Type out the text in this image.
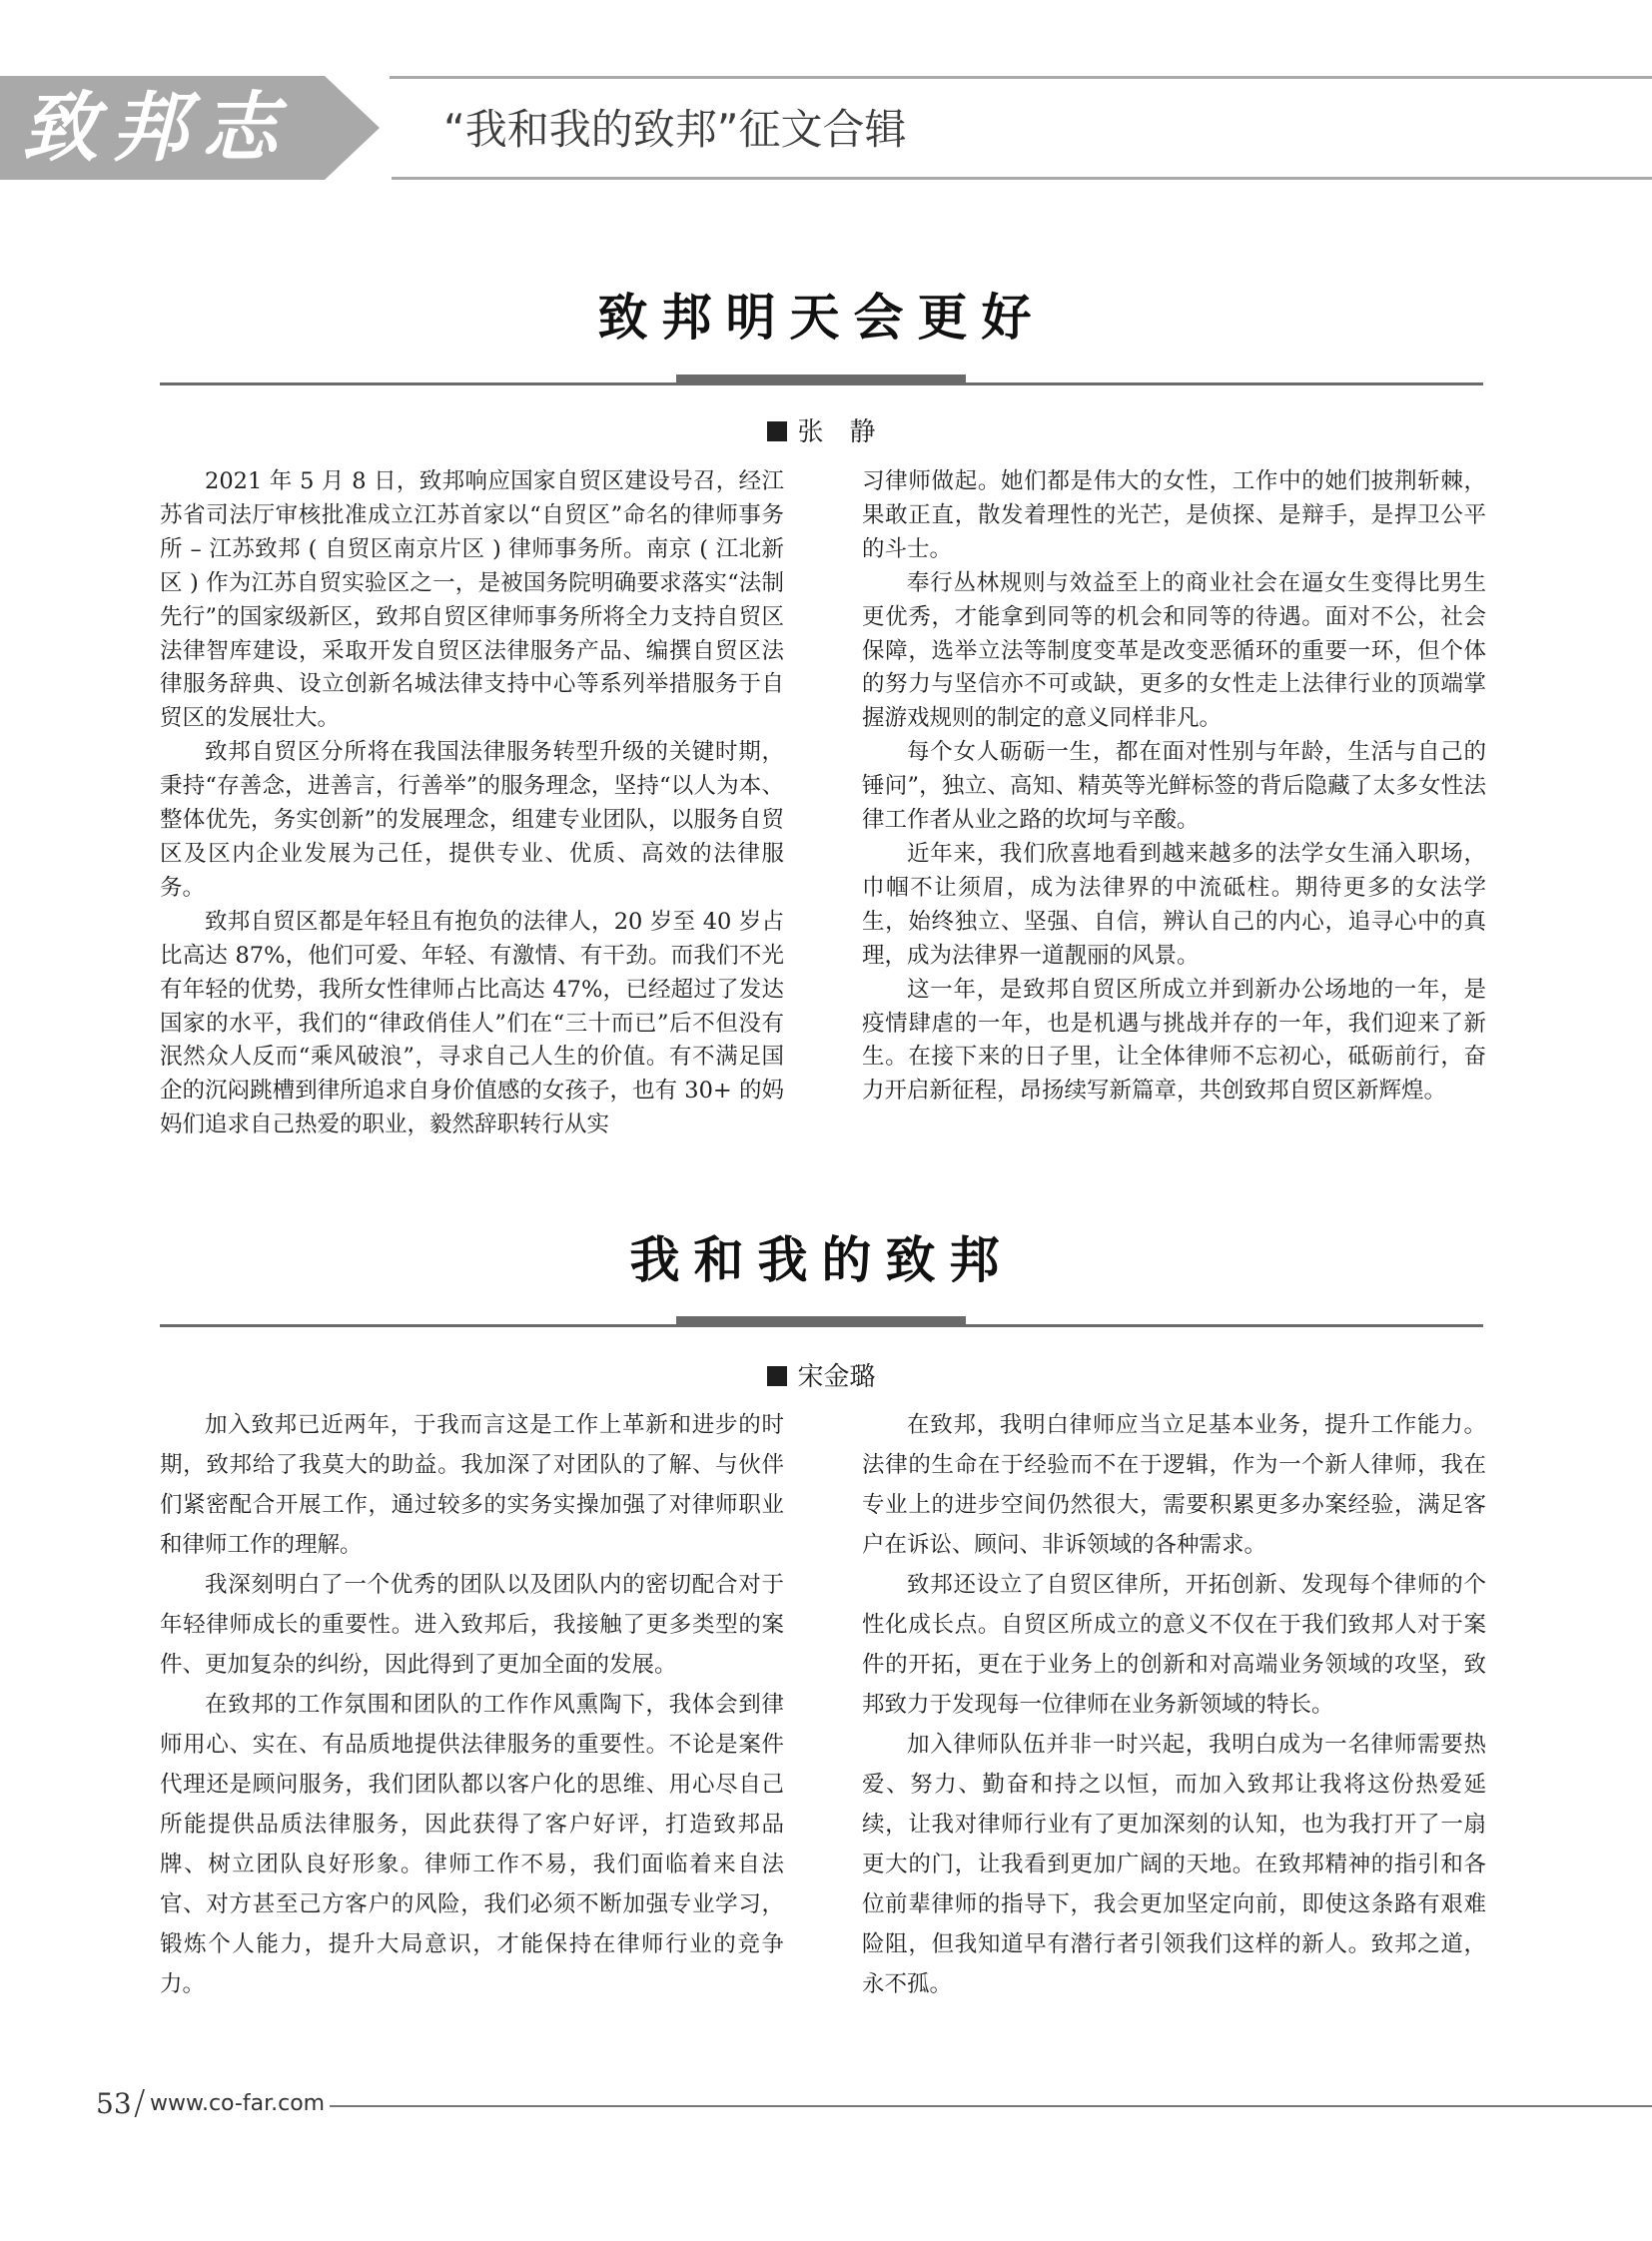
致邦志	“我和我的致邦”征文合辑
致邦明天会更好
张　静

2021 年 5 月 8 日，致邦响应国家自贸区建设号召，经江苏省司法厅审核批准成立江苏首家以“自贸区”命名的律师事务所 – 江苏致邦 ( 自贸区南京片区 ) 律师事务所。南京 ( 江北新区 ) 作为江苏自贸实验区之一，是被国务院明确要求落实“法制先行”的国家级新区，致邦自贸区律师事务所将全力支持自贸区法律智库建设，采取开发自贸区法律服务产品、编撰自贸区法律服务辞典、设立创新名城法律支持中心等系列举措服务于自贸区的发展壮大。

致邦自贸区分所将在我国法律服务转型升级的关键时期，秉持“存善念，进善言，行善举”的服务理念，坚持“以人为本、整体优先，务实创新”的发展理念，组建专业团队，以服务自贸区及区内企业发展为己任，提供专业、优质、高效的法律服务。

致邦自贸区都是年轻且有抱负的法律人，20 岁至 40 岁占比高达 87%，他们可爱、年轻、有激情、有干劲。而我们不光有年轻的优势，我所女性律师占比高达 47%，已经超过了发达国家的水平，我们的“律政俏佳人”们在“三十而已”后不但没有泯然众人反而“乘风破浪”，寻求自己人生的价值。有不满足国企的沉闷跳槽到律所追求自身价值感的女孩子，也有 30+ 的妈妈们追求自己热爱的职业，毅然辞职转行从实

习律师做起。她们都是伟大的女性，工作中的她们披荆斩棘，果敢正直，散发着理性的光芒，是侦探、是辩手，是捍卫公平的斗士。

奉行丛林规则与效益至上的商业社会在逼女生变得比男生更优秀，才能拿到同等的机会和同等的待遇。面对不公，社会保障，选举立法等制度变革是改变恶循环的重要一环，但个体的努力与坚信亦不可或缺，更多的女性走上法律行业的顶端掌握游戏规则的制定的意义同样非凡。

每个女人砺砺一生，都在面对性别与年龄，生活与自己的锤问”，独立、高知、精英等光鲜标签的背后隐藏了太多女性法律工作者从业之路的坎坷与辛酸。

近年来，我们欣喜地看到越来越多的法学女生涌入职场，巾帼不让须眉，成为法律界的中流砥柱。期待更多的女法学生，始终独立、坚强、自信，辨认自己的内心，追寻心中的真理，成为法律界一道靓丽的风景。

这一年，是致邦自贸区所成立并到新办公场地的一年，是疫情肆虐的一年，也是机遇与挑战并存的一年，我们迎来了新生。在接下来的日子里，让全体律师不忘初心，砥砺前行，奋力开启新征程，昂扬续写新篇章，共创致邦自贸区新辉煌。

我和我的致邦
宋金璐

加入致邦已近两年，于我而言这是工作上革新和进步的时期，致邦给了我莫大的助益。我加深了对团队的了解、与伙伴们紧密配合开展工作，通过较多的实务实操加强了对律师职业和律师工作的理解。

我深刻明白了一个优秀的团队以及团队内的密切配合对于年轻律师成长的重要性。进入致邦后，我接触了更多类型的案件、更加复杂的纠纷，因此得到了更加全面的发展。

在致邦的工作氛围和团队的工作作风熏陶下，我体会到律师用心、实在、有品质地提供法律服务的重要性。不论是案件代理还是顾问服务，我们团队都以客户化的思维、用心尽自己所能提供品质法律服务，因此获得了客户好评，打造致邦品牌、树立团队良好形象。律师工作不易，我们面临着来自法官、对方甚至己方客户的风险，我们必须不断加强专业学习，锻炼个人能力，提升大局意识，才能保持在律师行业的竞争力。

在致邦，我明白律师应当立足基本业务，提升工作能力。法律的生命在于经验而不在于逻辑，作为一个新人律师，我在专业上的进步空间仍然很大，需要积累更多办案经验，满足客户在诉讼、顾问、非诉领域的各种需求。

致邦还设立了自贸区律所，开拓创新、发现每个律师的个性化成长点。自贸区所成立的意义不仅在于我们致邦人对于案件的开拓，更在于业务上的创新和对高端业务领域的攻坚，致邦致力于发现每一位律师在业务新领域的特长。

加入律师队伍并非一时兴起，我明白成为一名律师需要热爱、努力、勤奋和持之以恒，而加入致邦让我将这份热爱延续，让我对律师行业有了更加深刻的认知，也为我打开了一扇更大的门，让我看到更加广阔的天地。在致邦精神的指引和各位前辈律师的指导下，我会更加坚定向前，即使这条路有艰难险阻，但我知道早有潜行者引领我们这样的新人。致邦之道，永不孤。

53 / www.co-far.com
